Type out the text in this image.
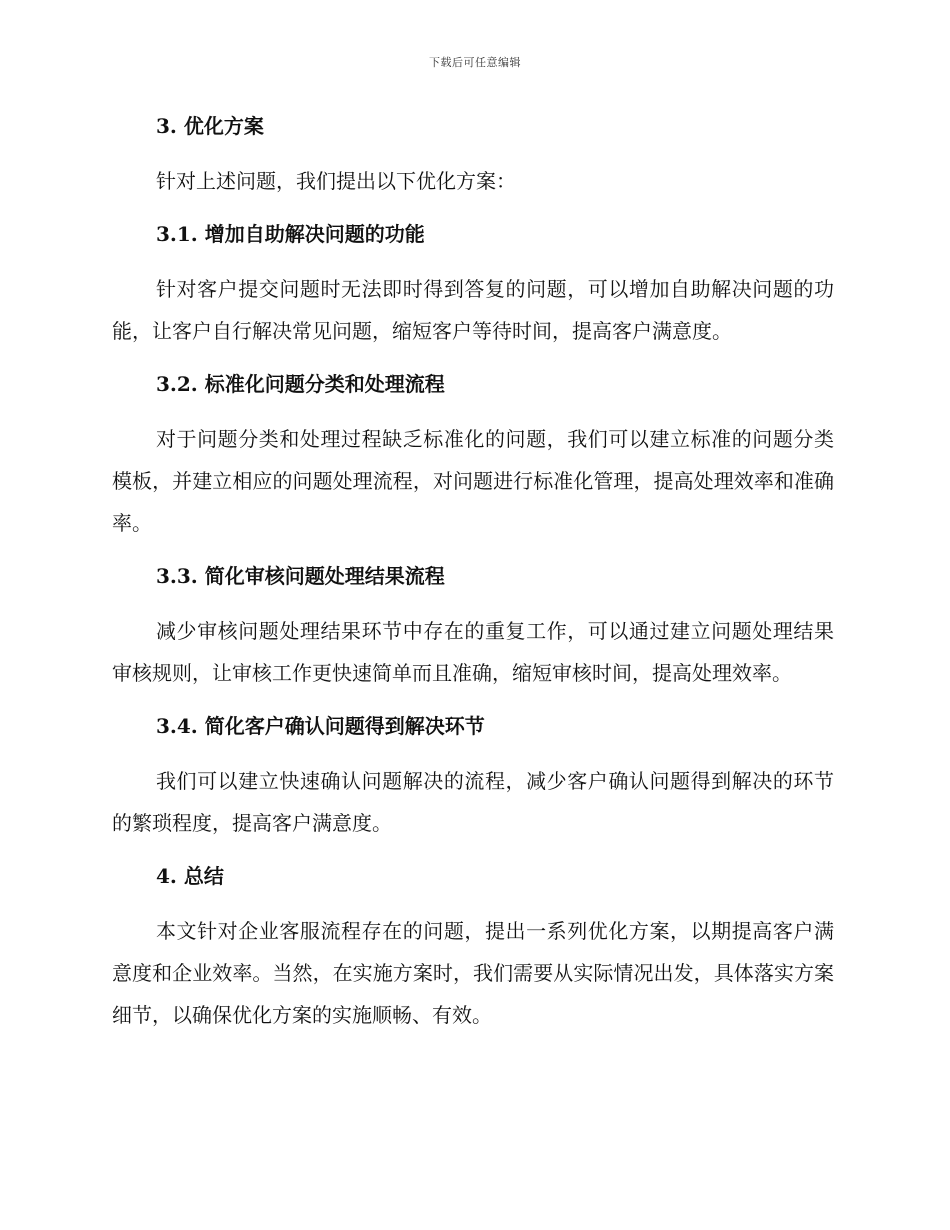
下载后可任意编辑
3. 优化方案

针对上述问题，我们提出以下优化方案：

3.1. 增加自助解决问题的功能

针对客户提交问题时无法即时得到答复的问题，可以增加自助解决问题的功能，让客户自行解决常见问题，缩短客户等待时间，提高客户满意度。

3.2. 标准化问题分类和处理流程

对于问题分类和处理过程缺乏标准化的问题，我们可以建立标准的问题分类模板，并建立相应的问题处理流程，对问题进行标准化管理，提高处理效率和准确率。

3.3. 简化审核问题处理结果流程

减少审核问题处理结果环节中存在的重复工作，可以通过建立问题处理结果审核规则，让审核工作更快速简单而且准确，缩短审核时间，提高处理效率。

3.4. 简化客户确认问题得到解决环节

我们可以建立快速确认问题解决的流程，减少客户确认问题得到解决的环节的繁琐程度，提高客户满意度。

4. 总结

本文针对企业客服流程存在的问题，提出一系列优化方案，以期提高客户满意度和企业效率。当然，在实施方案时，我们需要从实际情况出发，具体落实方案细节，以确保优化方案的实施顺畅、有效。
